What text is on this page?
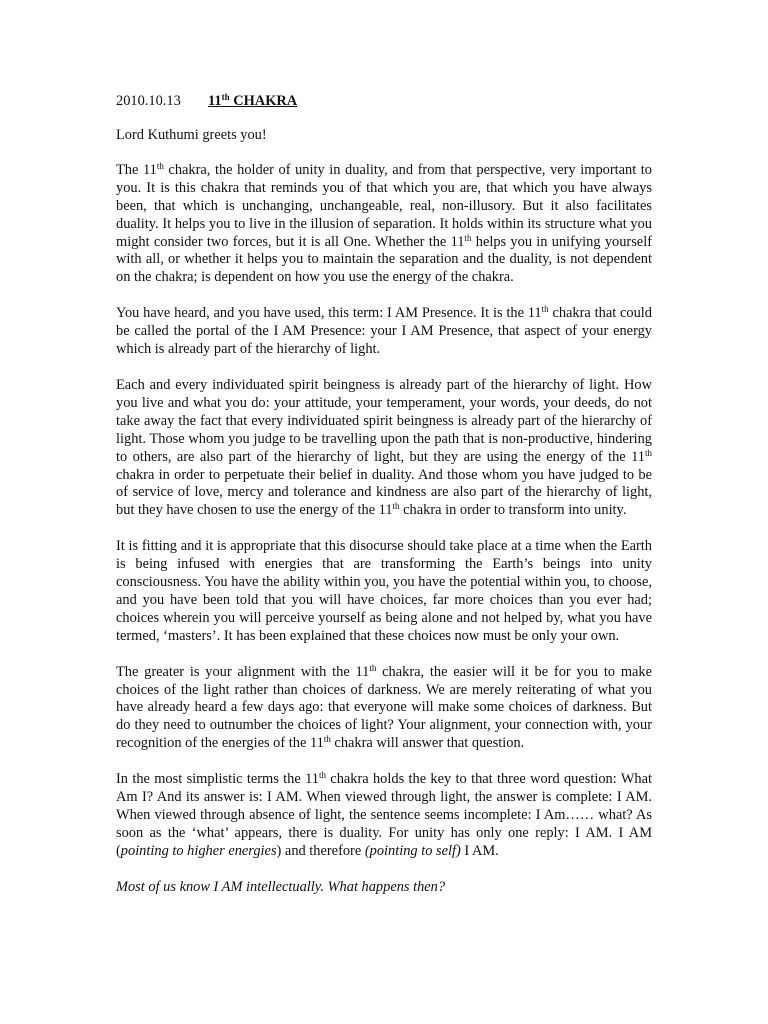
2010.10.13 11th CHAKRA

Lord Kuthumi greets you!

The 11th chakra, the holder of unity in duality, and from that perspective, very important to you. It is this chakra that reminds you of that which you are, that which you have always been, that which is unchanging, unchangeable, real, non-illusory. But it also facilitates duality. It helps you to live in the illusion of separation. It holds within its structure what you might consider two forces, but it is all One. Whether the 11th helps you in unifying yourself with all, or whether it helps you to maintain the separation and the duality, is not dependent on the chakra; is dependent on how you use the energy of the chakra.

You have heard, and you have used, this term: I AM Presence. It is the 11th chakra that could be called the portal of the I AM Presence: your I AM Presence, that aspect of your energy which is already part of the hierarchy of light.

Each and every individuated spirit beingness is already part of the hierarchy of light. How you live and what you do: your attitude, your temperament, your words, your deeds, do not take away the fact that every individuated spirit beingness is already part of the hierarchy of light. Those whom you judge to be travelling upon the path that is non-productive, hindering to others, are also part of the hierarchy of light, but they are using the energy of the 11th chakra in order to perpetuate their belief in duality. And those whom you have judged to be of service of love, mercy and tolerance and kindness are also part of the hierarchy of light, but they have chosen to use the energy of the 11th chakra in order to transform into unity.

It is fitting and it is appropriate that this disocurse should take place at a time when the Earth is being infused with energies that are transforming the Earth’s beings into unity consciousness. You have the ability within you, you have the potential within you, to choose, and you have been told that you will have choices, far more choices than you ever had; choices wherein you will perceive yourself as being alone and not helped by, what you have termed, ‘masters’. It has been explained that these choices now must be only your own.

The greater is your alignment with the 11th chakra, the easier will it be for you to make choices of the light rather than choices of darkness. We are merely reiterating of what you have already heard a few days ago: that everyone will make some choices of darkness. But do they need to outnumber the choices of light? Your alignment, your connection with, your recognition of the energies of the 11th chakra will answer that question.

In the most simplistic terms the 11th chakra holds the key to that three word question: What Am I? And its answer is: I AM. When viewed through light, the answer is complete: I AM. When viewed through absence of light, the sentence seems incomplete: I Am…… what? As soon as the ‘what’ appears, there is duality. For unity has only one reply: I AM. I AM (pointing to higher energies) and therefore (pointing to self) I AM.

Most of us know I AM intellectually. What happens then?
